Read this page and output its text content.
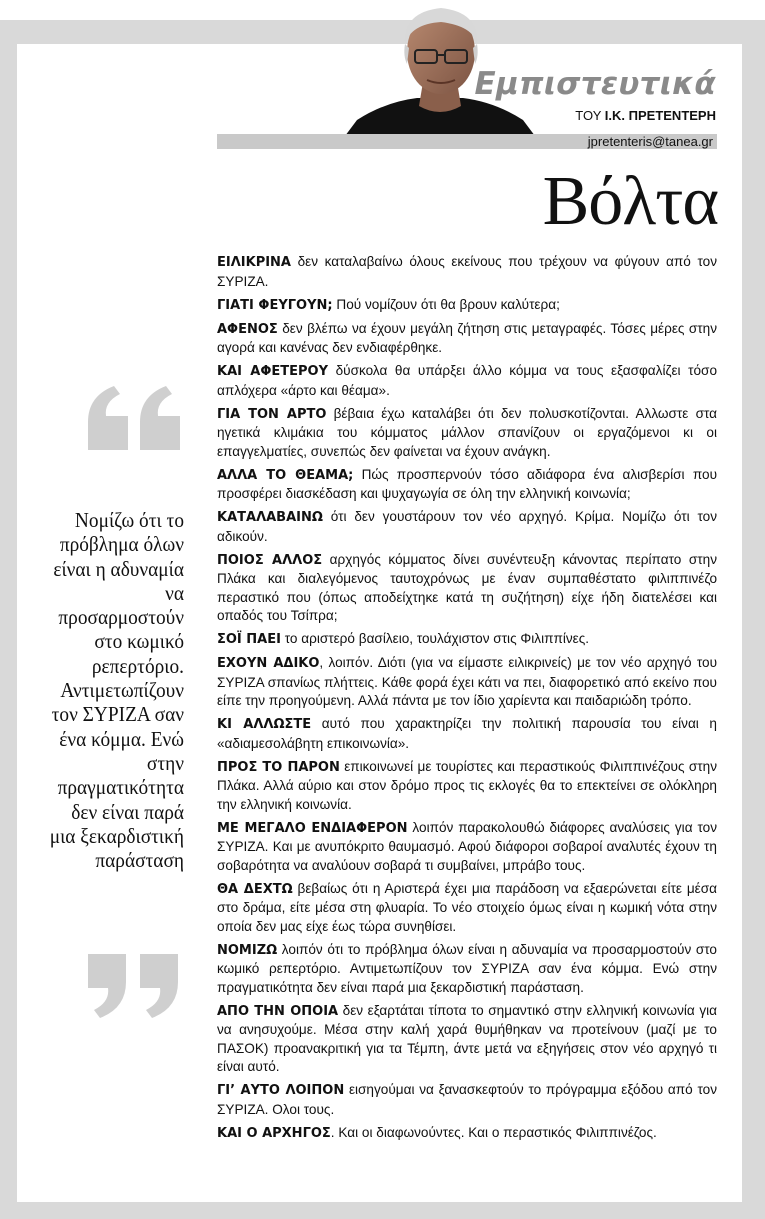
Εμπιστευτικά
ΤΟΥ Ι.Κ. ΠΡΕΤΕΝΤΕΡΗ
jpretenteris@tanea.gr
Βόλτα
Νομίζω ότι το πρόβλημα όλων είναι η αδυναμία να προσαρμοστούν στο κωμικό ρεπερτόριο. Αντιμετωπίζουν τον ΣΥΡΙΖΑ σαν ένα κόμμα. Ενώ στην πραγματικότητα δεν είναι παρά μια ξεκαρδιστική παράσταση

ΕΙΛΙΚΡΙΝΑ δεν καταλαβαίνω όλους εκείνους που τρέχουν να φύγουν από τον ΣΥΡΙΖΑ.

ΓΙΑΤΙ ΦΕΥΓΟΥΝ; Πού νομίζουν ότι θα βρουν καλύτερα;

ΑΦΕΝΟΣ δεν βλέπω να έχουν μεγάλη ζήτηση στις μεταγραφές. Τόσες μέρες στην αγορά και κανένας δεν ενδιαφέρθηκε.

ΚΑΙ ΑΦΕΤΕΡΟΥ δύσκολα θα υπάρξει άλλο κόμμα να τους εξασφαλίζει τόσο απλόχερα «άρτο και θέαμα».

ΓΙΑ ΤΟΝ ΑΡΤΟ βέβαια έχω καταλάβει ότι δεν πολυσκοτίζονται. Αλλωστε στα ηγετικά κλιμάκια του κόμματος μάλλον σπανίζουν οι εργαζόμενοι κι οι επαγγελματίες, συνεπώς δεν φαίνεται να έχουν ανάγκη.

ΑΛΛΑ ΤΟ ΘΕΑΜΑ; Πώς προσπερνούν τόσο αδιάφορα ένα αλισβερίσι που προσφέρει διασκέδαση και ψυχαγωγία σε όλη την ελληνική κοινωνία;

ΚΑΤΑΛΑΒΑΙΝΩ ότι δεν γουστάρουν τον νέο αρχηγό. Κρίμα. Νομίζω ότι τον αδικούν.

ΠΟΙΟΣ ΑΛΛΟΣ αρχηγός κόμματος δίνει συνέντευξη κάνοντας περίπατο στην Πλάκα και διαλεγόμενος ταυτοχρόνως με έναν συμπαθέστατο φιλιππινέζο περαστικό που (όπως αποδείχτηκε κατά τη συζήτηση) είχε ήδη διατελέσει και οπαδός του Τσίπρα;

ΣΟΪ ΠΑΕΙ το αριστερό βασίλειο, τουλάχιστον στις Φιλιππίνες.

ΕΧΟΥΝ ΑΔΙΚΟ, λοιπόν. Διότι (για να είμαστε ειλικρινείς) με τον νέο αρχηγό του ΣΥΡΙΖΑ σπανίως πλήττεις. Κάθε φορά έχει κάτι να πει, διαφορετικό από εκείνο που είπε την προηγούμενη. Αλλά πάντα με τον ίδιο χαρίεντα και παιδαριώδη τρόπο.

ΚΙ ΑΛΛΩΣΤΕ αυτό που χαρακτηρίζει την πολιτική παρουσία του είναι η «αδιαμεσολάβητη επικοινωνία».

ΠΡΟΣ ΤΟ ΠΑΡΟΝ επικοινωνεί με τουρίστες και περαστικούς Φιλιππινέζους στην Πλάκα. Αλλά αύριο και στον δρόμο προς τις εκλογές θα το επεκτείνει σε ολόκληρη την ελληνική κοινωνία.

ΜΕ ΜΕΓΑΛΟ ΕΝΔΙΑΦΕΡΟΝ λοιπόν παρακολουθώ διάφορες αναλύσεις για τον ΣΥΡΙΖΑ. Και με ανυπόκριτο θαυμασμό. Αφού διάφοροι σοβαροί αναλυτές έχουν τη σοβαρότητα να αναλύουν σοβαρά τι συμβαίνει, μπράβο τους.

ΘΑ ΔΕΧΤΩ βεβαίως ότι η Αριστερά έχει μια παράδοση να εξαερώνεται είτε μέσα στο δράμα, είτε μέσα στη φλυαρία. Το νέο στοιχείο όμως είναι η κωμική νότα στην οποία δεν μας είχε έως τώρα συνηθίσει.

ΝΟΜΙΖΩ λοιπόν ότι το πρόβλημα όλων είναι η αδυναμία να προσαρμοστούν στο κωμικό ρεπερτόριο. Αντιμετωπίζουν τον ΣΥΡΙΖΑ σαν ένα κόμμα. Ενώ στην πραγματικότητα δεν είναι παρά μια ξεκαρδιστική παράσταση.

ΑΠΟ ΤΗΝ ΟΠΟΙΑ δεν εξαρτάται τίποτα το σημαντικό στην ελληνική κοινωνία για να ανησυχούμε. Μέσα στην καλή χαρά θυμήθηκαν να προτείνουν (μαζί με το ΠΑΣΟΚ) προανακριτική για τα Τέμπη, άντε μετά να εξηγήσεις στον νέο αρχηγό τι είναι αυτό.

ΓΙ’ ΑΥΤΟ ΛΟΙΠΟΝ εισηγούμαι να ξανασκεφτούν το πρόγραμμα εξόδου από τον ΣΥΡΙΖΑ. Ολοι τους.

ΚΑΙ Ο ΑΡΧΗΓΟΣ. Και οι διαφωνούντες. Και ο περαστικός Φιλιππινέζος.
